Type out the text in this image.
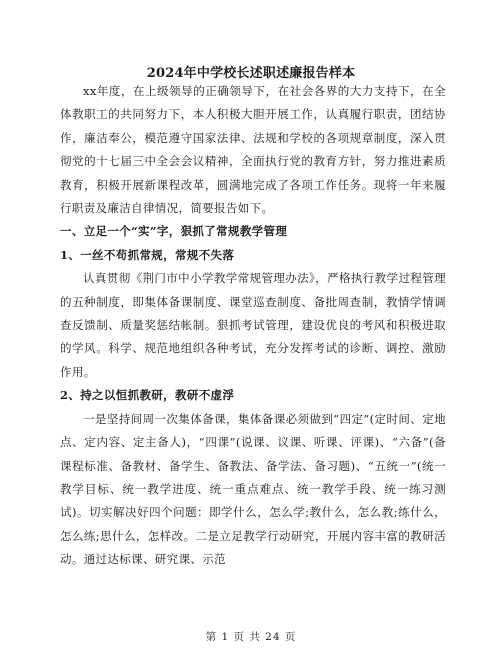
2024年中学校长述职述廉报告样本

xx年度，在上级领导的正确领导下，在社会各界的大力支持下，在全体教职工的共同努力下，本人积极大胆开展工作，认真履行职责，团结协作，廉洁奉公，模范遵守国家法律、法规和学校的各项规章制度，深入贯彻党的十七届三中全会会议精神，全面执行党的教育方针，努力推进素质教育，积极开展新课程改革，圆满地完成了各项工作任务。现将一年来履行职责及廉洁自律情况，简要报告如下。

一、立足一个“实”字，狠抓了常规教学管理

1、一丝不苟抓常规，常规不失落

认真贯彻《荆门市中小学教学常规管理办法》，严格执行教学过程管理的五种制度，即集体备课制度、课堂巡查制度、备批周查制，教情学情调查反馈制、质量奖惩结帐制。狠抓考试管理，建设优良的考风和积极进取的学风。科学、规范地组织各种考试，充分发挥考试的诊断、调控、激励作用。

2、持之以恒抓教研，教研不虚浮

一是坚持间周一次集体备课，集体备课必须做到“四定”(定时间、定地点、定内容、定主备人)，“四课”(说课、议课、听课、评课)、“六备”(备课程标准、备教材、备学生、备教法、备学法、备习题)、“五统一”(统一教学目标、统一教学进度、统一重点难点、统一教学手段、统一练习测试)。切实解决好四个问题：即学什么，怎么学;教什么，怎么教;练什么，怎么练;思什么，怎样改。二是立足教学行动研究，开展内容丰富的教研活动。通过达标课、研究课、示范

第 1 页 共 24 页
